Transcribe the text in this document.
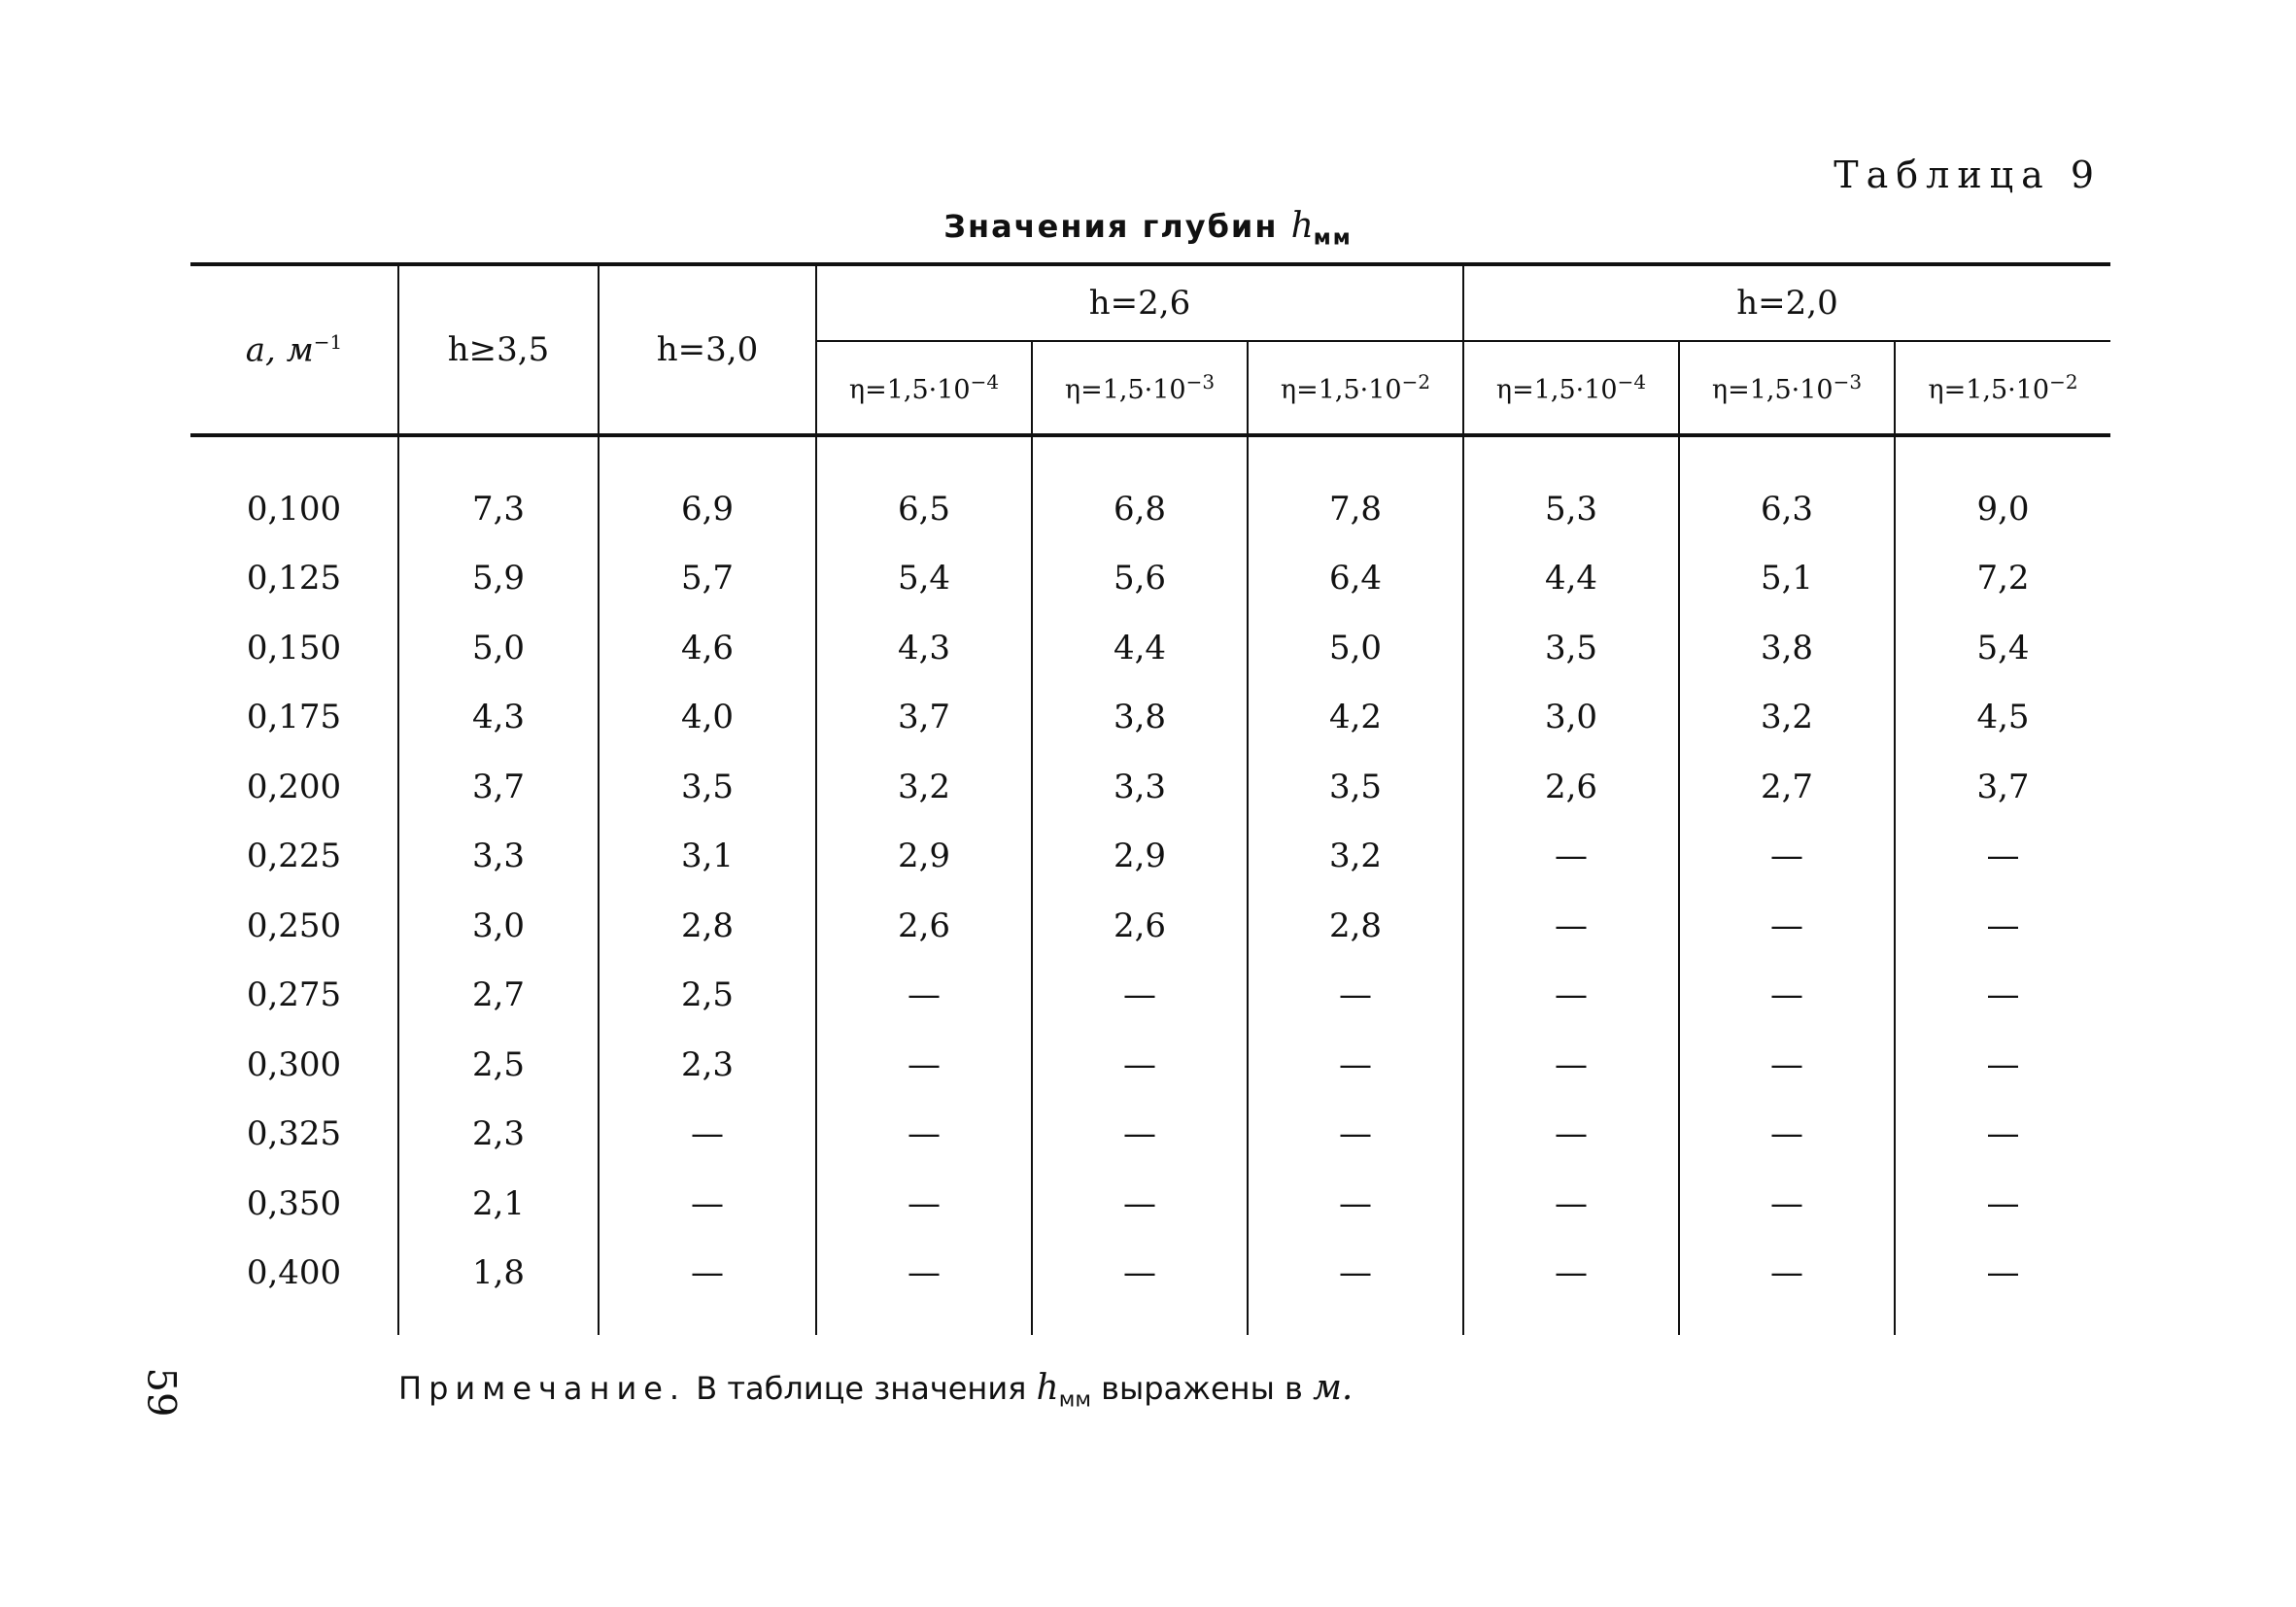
Таблица 9
Значения глубин $h_{мм}$
a, $м^{-1}$	h≥3,5	h=3,0	h=2,6			h=2,0		
			$\eta=1,5\cdot 10^{-4}$	$\eta=1,5\cdot 10^{-3}$	$\eta=1,5\cdot 10^{-2}$	$\eta=1,5\cdot 10^{-4}$	$\eta=1,5\cdot 10^{-3}$	$\eta=1,5\cdot 10^{-2}$
0,100	7,3	6,9	6,5	6,8	7,8	5,3	6,3	9,0
0,125	5,9	5,7	5,4	5,6	6,4	4,4	5,1	7,2
0,150	5,0	4,6	4,3	4,4	5,0	3,5	3,8	5,4
0,175	4,3	4,0	3,7	3,8	4,2	3,0	3,2	4,5
0,200	3,7	3,5	3,2	3,3	3,5	2,6	2,7	3,7
0,225	3,3	3,1	2,9	2,9	3,2	—	—	—
0,250	3,0	2,8	2,6	2,6	2,8	—	—	—
0,275	2,7	2,5	—	—	—	—	—	—
0,300	2,5	2,3	—	—	—	—	—	—
0,325	2,3	—	—	—	—	—	—	—
0,350	2,1	—	—	—	—	—	—	—
0,400	1,8	—	—	—	—	—	—	—
Примечание. В таблице значения $h_{мм}$ выражены в м.
59
